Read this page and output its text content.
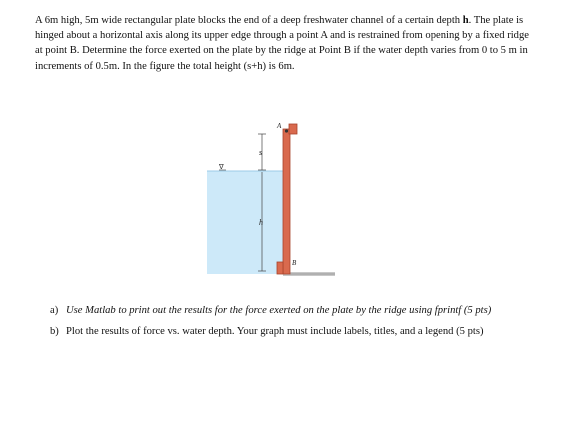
A 6m high, 5m wide rectangular plate blocks the end of a deep freshwater channel of a certain depth h. The plate is hinged about a horizontal axis along its upper edge through a point A and is restrained from opening by a fixed ridge at point B. Determine the force exerted on the plate by the ridge at Point B if the water depth varies from 0 to 5 m in increments of 0.5m. In the figure the total height (s+h) is 6m.

A
B
s
h
∇
a) Use Matlab to print out the results for the force exerted on the plate by the ridge using fprintf (5 pts)
b) Plot the results of force vs. water depth. Your graph must include labels, titles, and a legend (5 pts)
